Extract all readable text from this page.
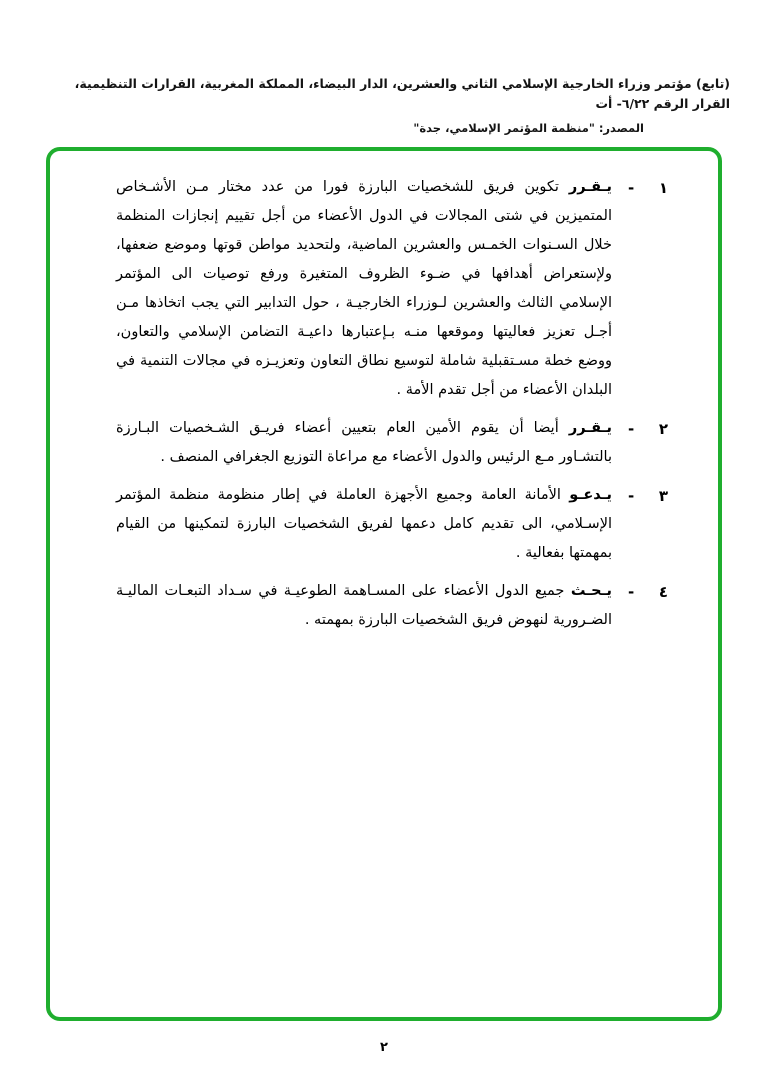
(تابع) مؤتمر وزراء الخارجية الإسلامي الثاني والعشرين، الدار البيضاء، المملكة المغربية، القرارات التنظيمية، القرار الرقم ٦/٢٢- أت
المصدر: "منظمة المؤتمر الإسلامي، جدة"
١
-
يـقـرر تكوين فريق للشخصيات البارزة فورا من عدد مختار مـن الأشـخاص المتميزين في شتى المجالات في الدول الأعضاء من أجل تقييم إنجازات المنظمة خلال السـنوات الخمـس والعشرين الماضية، ولتحديد مواطن قوتها وموضع ضعفها، ولإستعراض أهدافها في ضـوء الظروف المتغيرة ورفع توصيات الى المؤتمر الإسلامي الثالث والعشرين لـوزراء الخارجيـة ، حول التدابير التي يجب اتخاذها مـن أجـل تعزيز فعاليتها وموقعها منـه بـإعتبارها داعيـة التضامن الإسلامي والتعاون، ووضع خطة مسـتقبلية شاملة لتوسيع نطاق التعاون وتعزيـزه في مجالات التنمية في البلدان الأعضاء من أجل تقدم الأمة .
٢
-
يـقـرر أيضا أن يقوم الأمين العام بتعيين أعضاء فريـق الشـخصيات البـارزة بالتشـاور مـع الرئيس والدول الأعضاء مع مراعاة التوزيع الجغرافي المنصف .
٣
-
يـدعـو الأمانة العامة وجميع الأجهزة العاملة في إطار منظومة منظمة المؤتمر الإسـلامي، الى تقديم كامل دعمها لفريق الشخصيات البارزة لتمكينها من القيام بمهمتها بفعالية .
٤
-
يـحـث جميع الدول الأعضاء على المسـاهمة الطوعيـة في سـداد التبعـات الماليـة الضـرورية لنهوض فريق الشخصيات البارزة بمهمته .
٢
